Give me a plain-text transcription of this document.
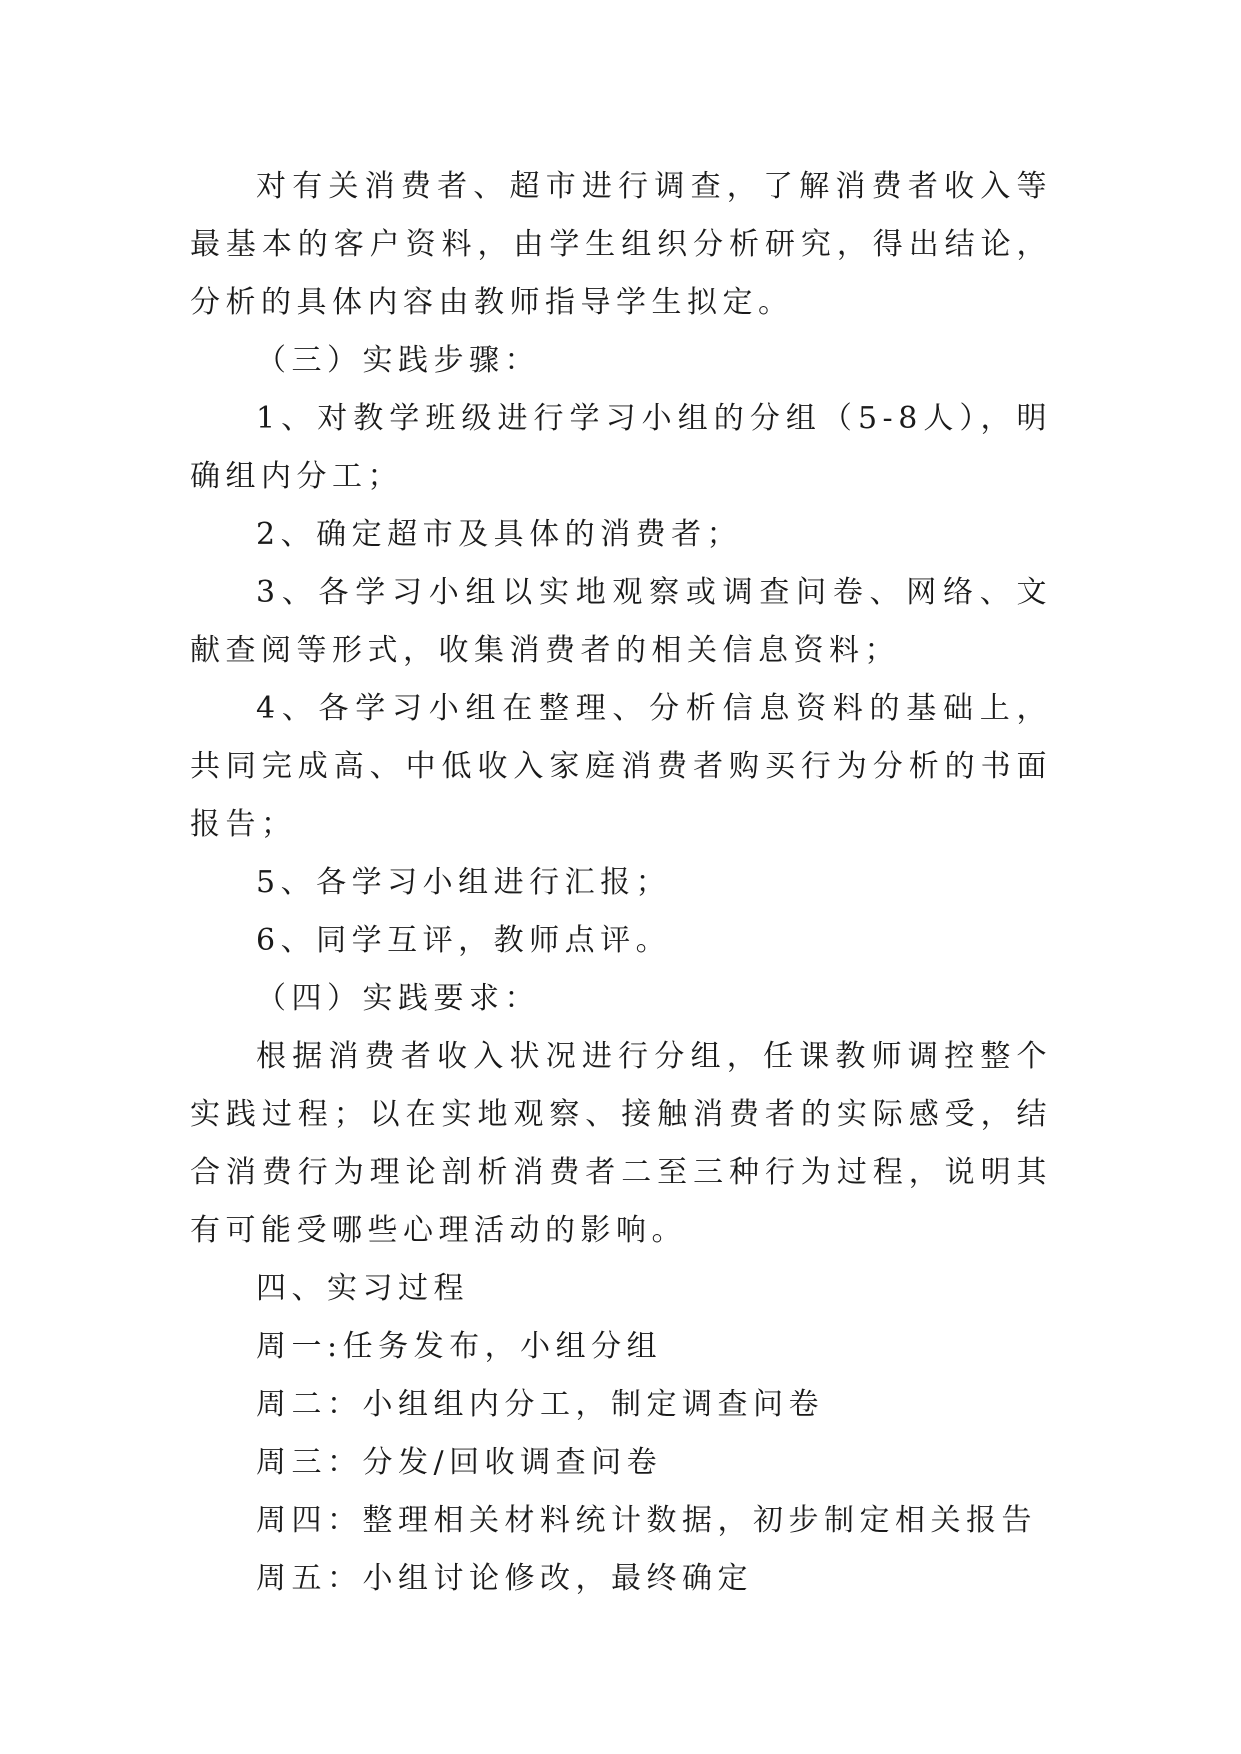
对有关消费者、超市进行调查，了解消费者收入等最基本的客户资料，由学生组织分析研究，得出结论，分析的具体内容由教师指导学生拟定。

（三）实践步骤：

1、对教学班级进行学习小组的分组（5-8人），明确组内分工；

2、确定超市及具体的消费者；

3、各学习小组以实地观察或调查问卷、网络、文献查阅等形式，收集消费者的相关信息资料；

4、各学习小组在整理、分析信息资料的基础上，共同完成高、中低收入家庭消费者购买行为分析的书面报告；

5、各学习小组进行汇报；

6、同学互评，教师点评。

（四）实践要求：

根据消费者收入状况进行分组，任课教师调控整个实践过程；以在实地观察、接触消费者的实际感受，结合消费行为理论剖析消费者二至三种行为过程，说明其有可能受哪些心理活动的影响。

四、实习过程

周一:任务发布，小组分组

周二：小组组内分工，制定调查问卷

周三：分发/回收调查问卷

周四：整理相关材料统计数据，初步制定相关报告

周五：小组讨论修改，最终确定
